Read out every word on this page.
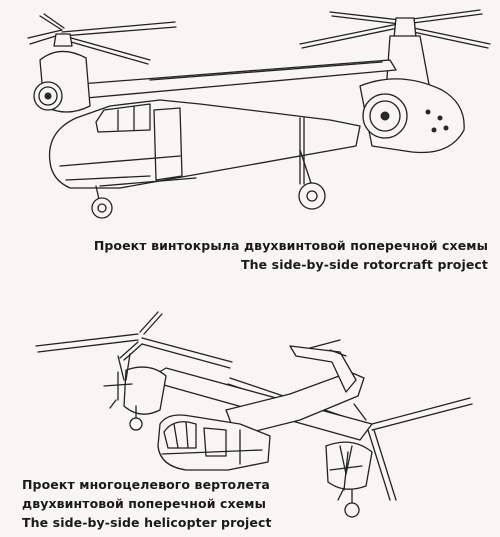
Проект винтокрыла двухвинтовой поперечной схемы
The side-by-side rotorcraft project
Проект многоцелевого вертолета
двухвинтовой поперечной схемы
The side-by-side helicopter project
